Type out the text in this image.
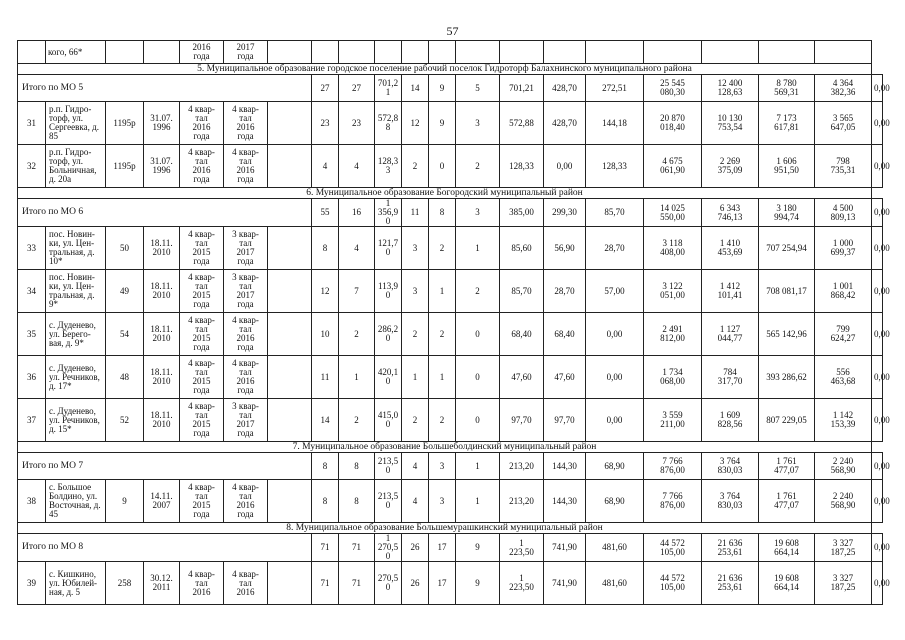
57
	кого, 66*			2016
года	2017
года															
5. Муниципальное образование городское поселение рабочий поселок Гидроторф Балахнинского муниципального района																				
Итого по МО 5							27	27	701,2
1	14	9	5	701,21	428,70	272,51	25 545
080,30	12 400
128,63	8 780
569,31	4 364
382,36	0,00
31	р.п. Гидро-
торф, ул.
Сергеевка, д.
85	1195р	31.07.
1996	4 квар-
тал
2016
года	4 квар-
тал
2016
года		23	23	572,8
8	12	9	3	572,88	428,70	144,18	20 870
018,40	10 130
753,54	7 173
617,81	3 565
647,05	0,00
32	р.п. Гидро-
торф, ул.
Больничная,
д. 20а	1195р	31.07.
1996	4 квар-
тал
2016
года	4 квар-
тал
2016
года		4	4	128,3
3	2	0	2	128,33	0,00	128,33	4 675
061,90	2 269
375,09	1 606
951,50	798
735,31	0,00
6. Муниципальное образование Богородский муниципальный район																				
Итого по МО 6							55	16	1
356,9
0	11	8	3	385,00	299,30	85,70	14 025
550,00	6 343
746,13	3 180
994,74	4 500
809,13	0,00
33	пос. Новин-
ки, ул. Цен-
тральная, д.
10*	50	18.11.
2010	4 квар-
тал
2015
года	3 квар-
тал
2017
года		8	4	121,7
0	3	2	1	85,60	56,90	28,70	3 118
408,00	1 410
453,69	707 254,94	1 000
699,37	0,00
34	пос. Новин-
ки, ул. Цен-
тральная, д.
9*	49	18.11.
2010	4 квар-
тал
2015
года	3 квар-
тал
2017
года		12	7	113,9
0	3	1	2	85,70	28,70	57,00	3 122
051,00	1 412
101,41	708 081,17	1 001
868,42	0,00
35	с. Дуденево,
ул. Берего-
вая, д. 9*	54	18.11.
2010	4 квар-
тал
2015
года	4 квар-
тал
2016
года		10	2	286,2
0	2	2	0	68,40	68,40	0,00	2 491
812,00	1 127
044,77	565 142,96	799
624,27	0,00
36	с. Дуденево,
ул. Речников,
д. 17*	48	18.11.
2010	4 квар-
тал
2015
года	4 квар-
тал
2016
года		11	1	420,1
0	1	1	0	47,60	47,60	0,00	1 734
068,00	784
317,70	393 286,62	556
463,68	0,00
37	с. Дуденево,
ул. Речников,
д. 15*	52	18.11.
2010	4 квар-
тал
2015
года	3 квар-
тал
2017
года		14	2	415,0
0	2	2	0	97,70	97,70	0,00	3 559
211,00	1 609
828,56	807 229,05	1 142
153,39	0,00
7. Муниципальное образование Большеболдинский муниципальный район																				
Итого по МО 7							8	8	213,5
0	4	3	1	213,20	144,30	68,90	7 766
876,00	3 764
830,03	1 761
477,07	2 240
568,90	0,00
38	с. Большое
Болдино, ул.
Восточная, д.
45	9	14.11.
2007	4 квар-
тал
2015
года	4 квар-
тал
2016
года		8	8	213,5
0	4	3	1	213,20	144,30	68,90	7 766
876,00	3 764
830,03	1 761
477,07	2 240
568,90	0,00
8. Муниципальное образование Большемурашкинский муниципальный район																				
Итого по МО 8							71	71	1
270,5
0	26	17	9	1
223,50	741,90	481,60	44 572
105,00	21 636
253,61	19 608
664,14	3 327
187,25	0,00
39	с. Кишкино,
ул. Юбилей-
ная, д. 5	258	30.12.
2011	4 квар-
тал
2016	4 квар-
тал
2016		71	71	270,5
0	26	17	9	1
223,50	741,90	481,60	44 572
105,00	21 636
253,61	19 608
664,14	3 327
187,25	0,00
